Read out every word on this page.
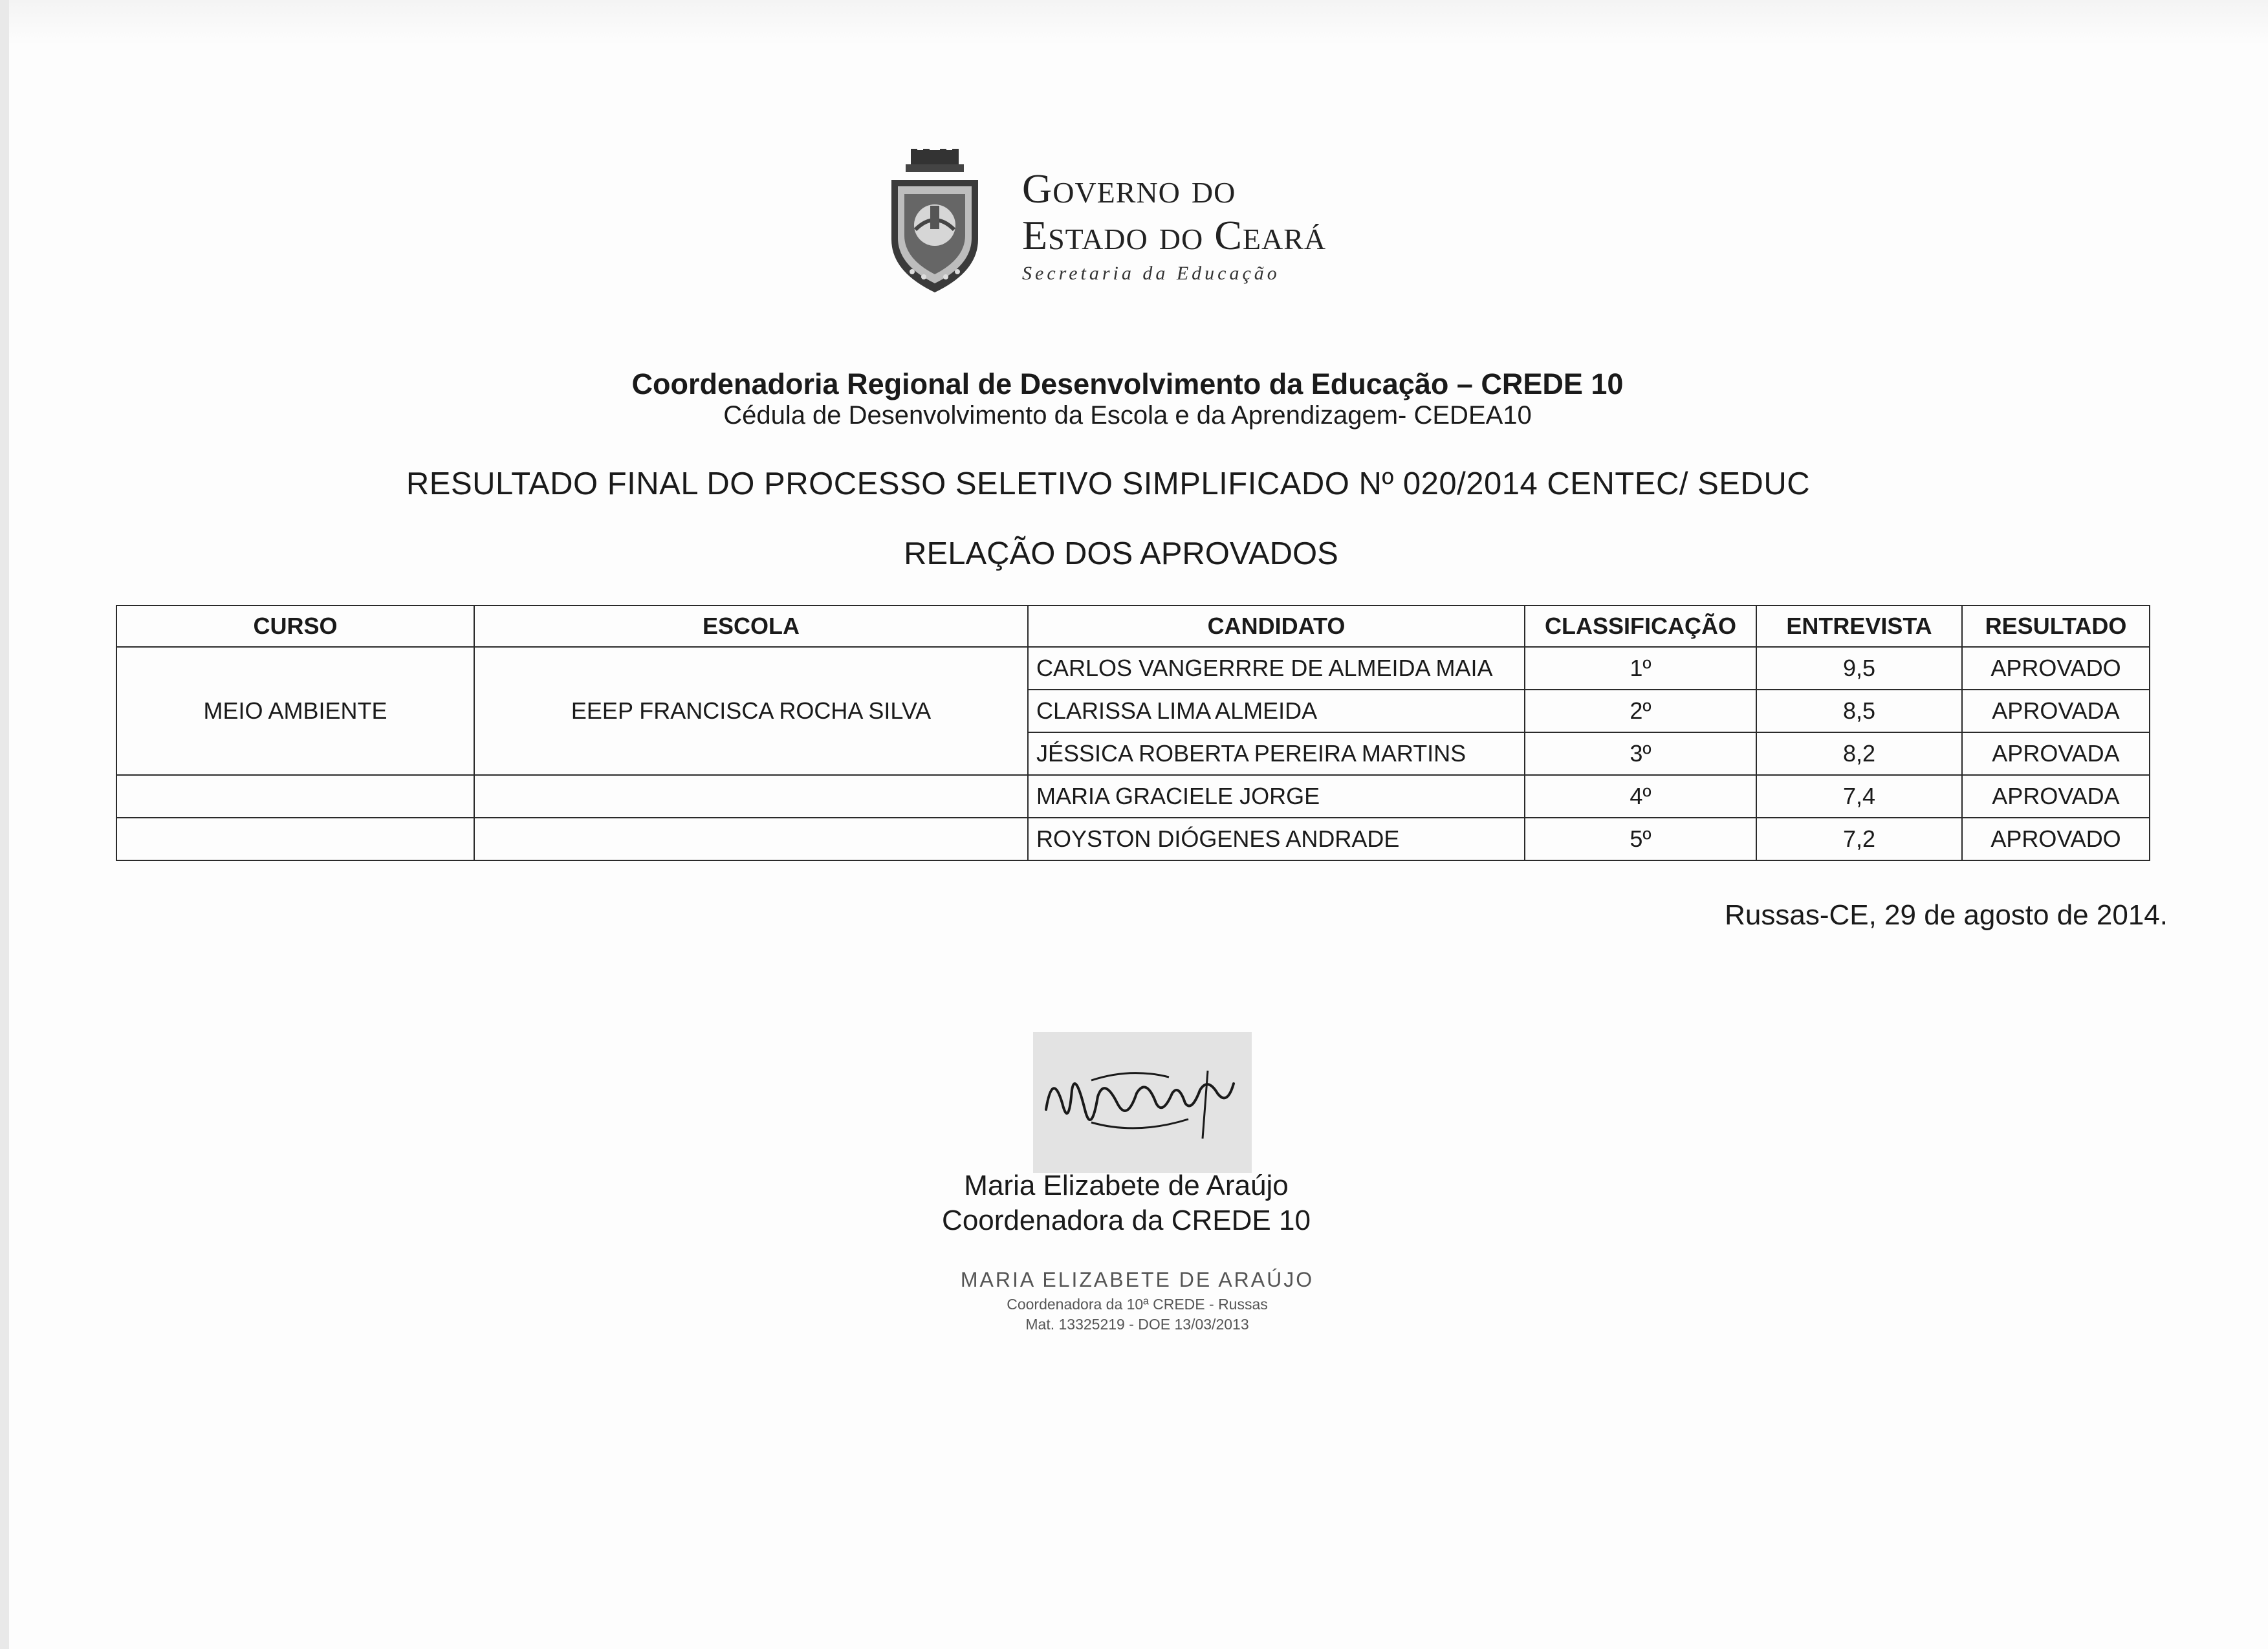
GOVERNO DO
ESTADO DO CEARÁ
Secretaria da Educação
Coordenadoria Regional de Desenvolvimento da Educação – CREDE 10
Cédula de Desenvolvimento da Escola e da Aprendizagem- CEDEA10
RESULTADO FINAL DO PROCESSO SELETIVO SIMPLIFICADO Nº 020/2014 CENTEC/ SEDUC
RELAÇÃO DOS APROVADOS
CURSO	ESCOLA	CANDIDATO	CLASSIFICAÇÃO	ENTREVISTA	RESULTADO
MEIO AMBIENTE	EEEP FRANCISCA ROCHA SILVA	CARLOS VANGERRRE DE ALMEIDA MAIA	1º	9,5	APROVADO
		CLARISSA LIMA ALMEIDA	2º	8,5	APROVADA
		JÉSSICA ROBERTA PEREIRA MARTINS	3º	8,2	APROVADA
		MARIA GRACIELE JORGE	4º	7,4	APROVADA
		ROYSTON DIÓGENES ANDRADE	5º	7,2	APROVADO
Russas-CE, 29 de agosto de 2014.
Maria Elizabete de Araújo
Coordenadora da CREDE 10
MARIA ELIZABETE DE ARAÚJO
Coordenadora da 10ª CREDE - Russas
Mat. 13325219 - DOE 13/03/2013
